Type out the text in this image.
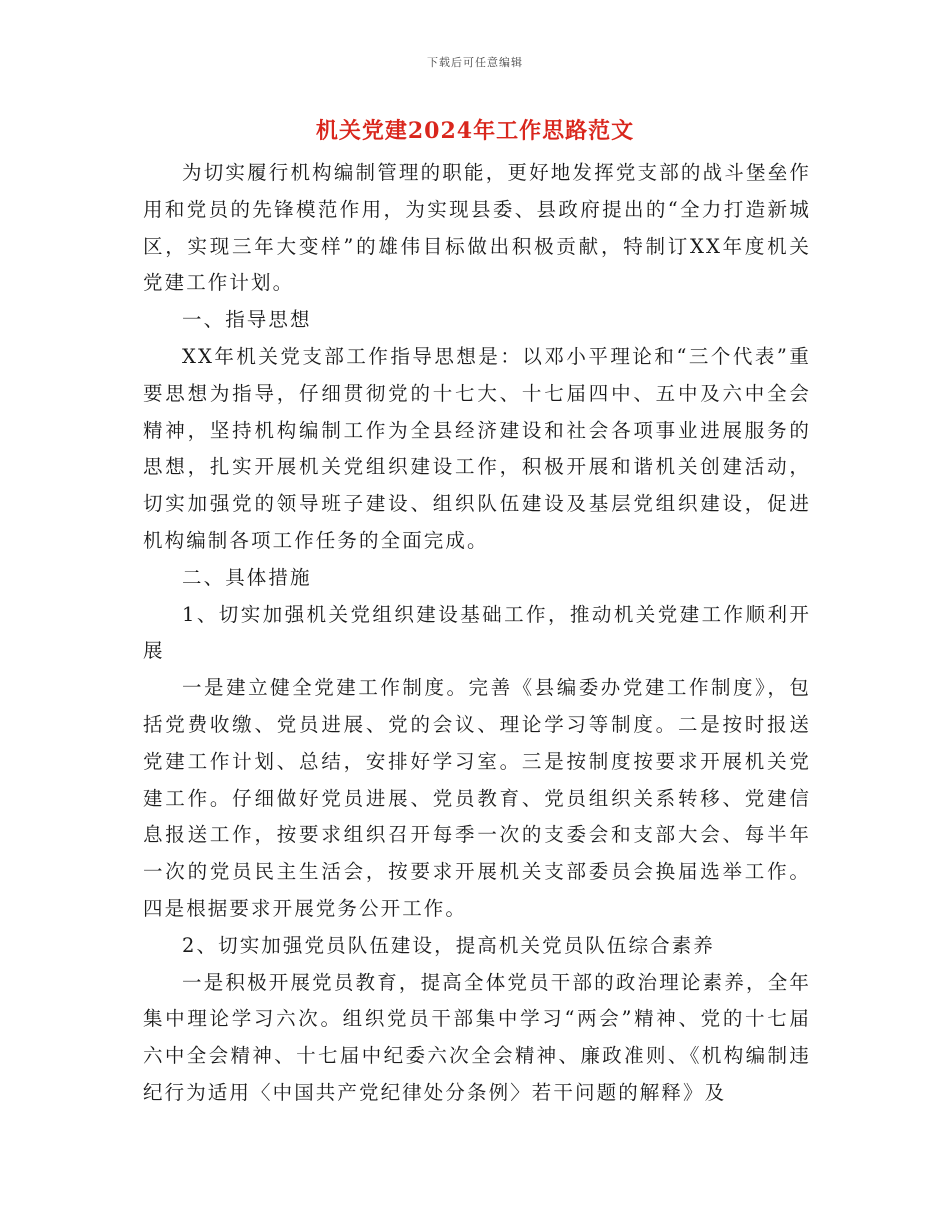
下载后可任意编辑
机关党建2024年工作思路范文

为切实履行机构编制管理的职能，更好地发挥党支部的战斗堡垒作用和党员的先锋模范作用，为实现县委、县政府提出的“全力打造新城区，实现三年大变样”的雄伟目标做出积极贡献，特制订XX年度机关党建工作计划。

一、指导思想

XX年机关党支部工作指导思想是：以邓小平理论和“三个代表”重要思想为指导，仔细贯彻党的十七大、十七届四中、五中及六中全会精神，坚持机构编制工作为全县经济建设和社会各项事业进展服务的思想，扎实开展机关党组织建设工作，积极开展和谐机关创建活动，切实加强党的领导班子建设、组织队伍建设及基层党组织建设，促进机构编制各项工作任务的全面完成。

二、具体措施

1、切实加强机关党组织建设基础工作，推动机关党建工作顺利开展

一是建立健全党建工作制度。完善《县编委办党建工作制度》，包括党费收缴、党员进展、党的会议、理论学习等制度。二是按时报送党建工作计划、总结，安排好学习室。三是按制度按要求开展机关党建工作。仔细做好党员进展、党员教育、党员组织关系转移、党建信息报送工作，按要求组织召开每季一次的支委会和支部大会、每半年一次的党员民主生活会，按要求开展机关支部委员会换届选举工作。四是根据要求开展党务公开工作。

2、切实加强党员队伍建设，提高机关党员队伍综合素养

一是积极开展党员教育，提高全体党员干部的政治理论素养，全年集中理论学习六次。组织党员干部集中学习“两会”精神、党的十七届六中全会精神、十七届中纪委六次全会精神、廉政准则、《机构编制违纪行为适用〈中国共产党纪律处分条例〉若干问题的解释》及
